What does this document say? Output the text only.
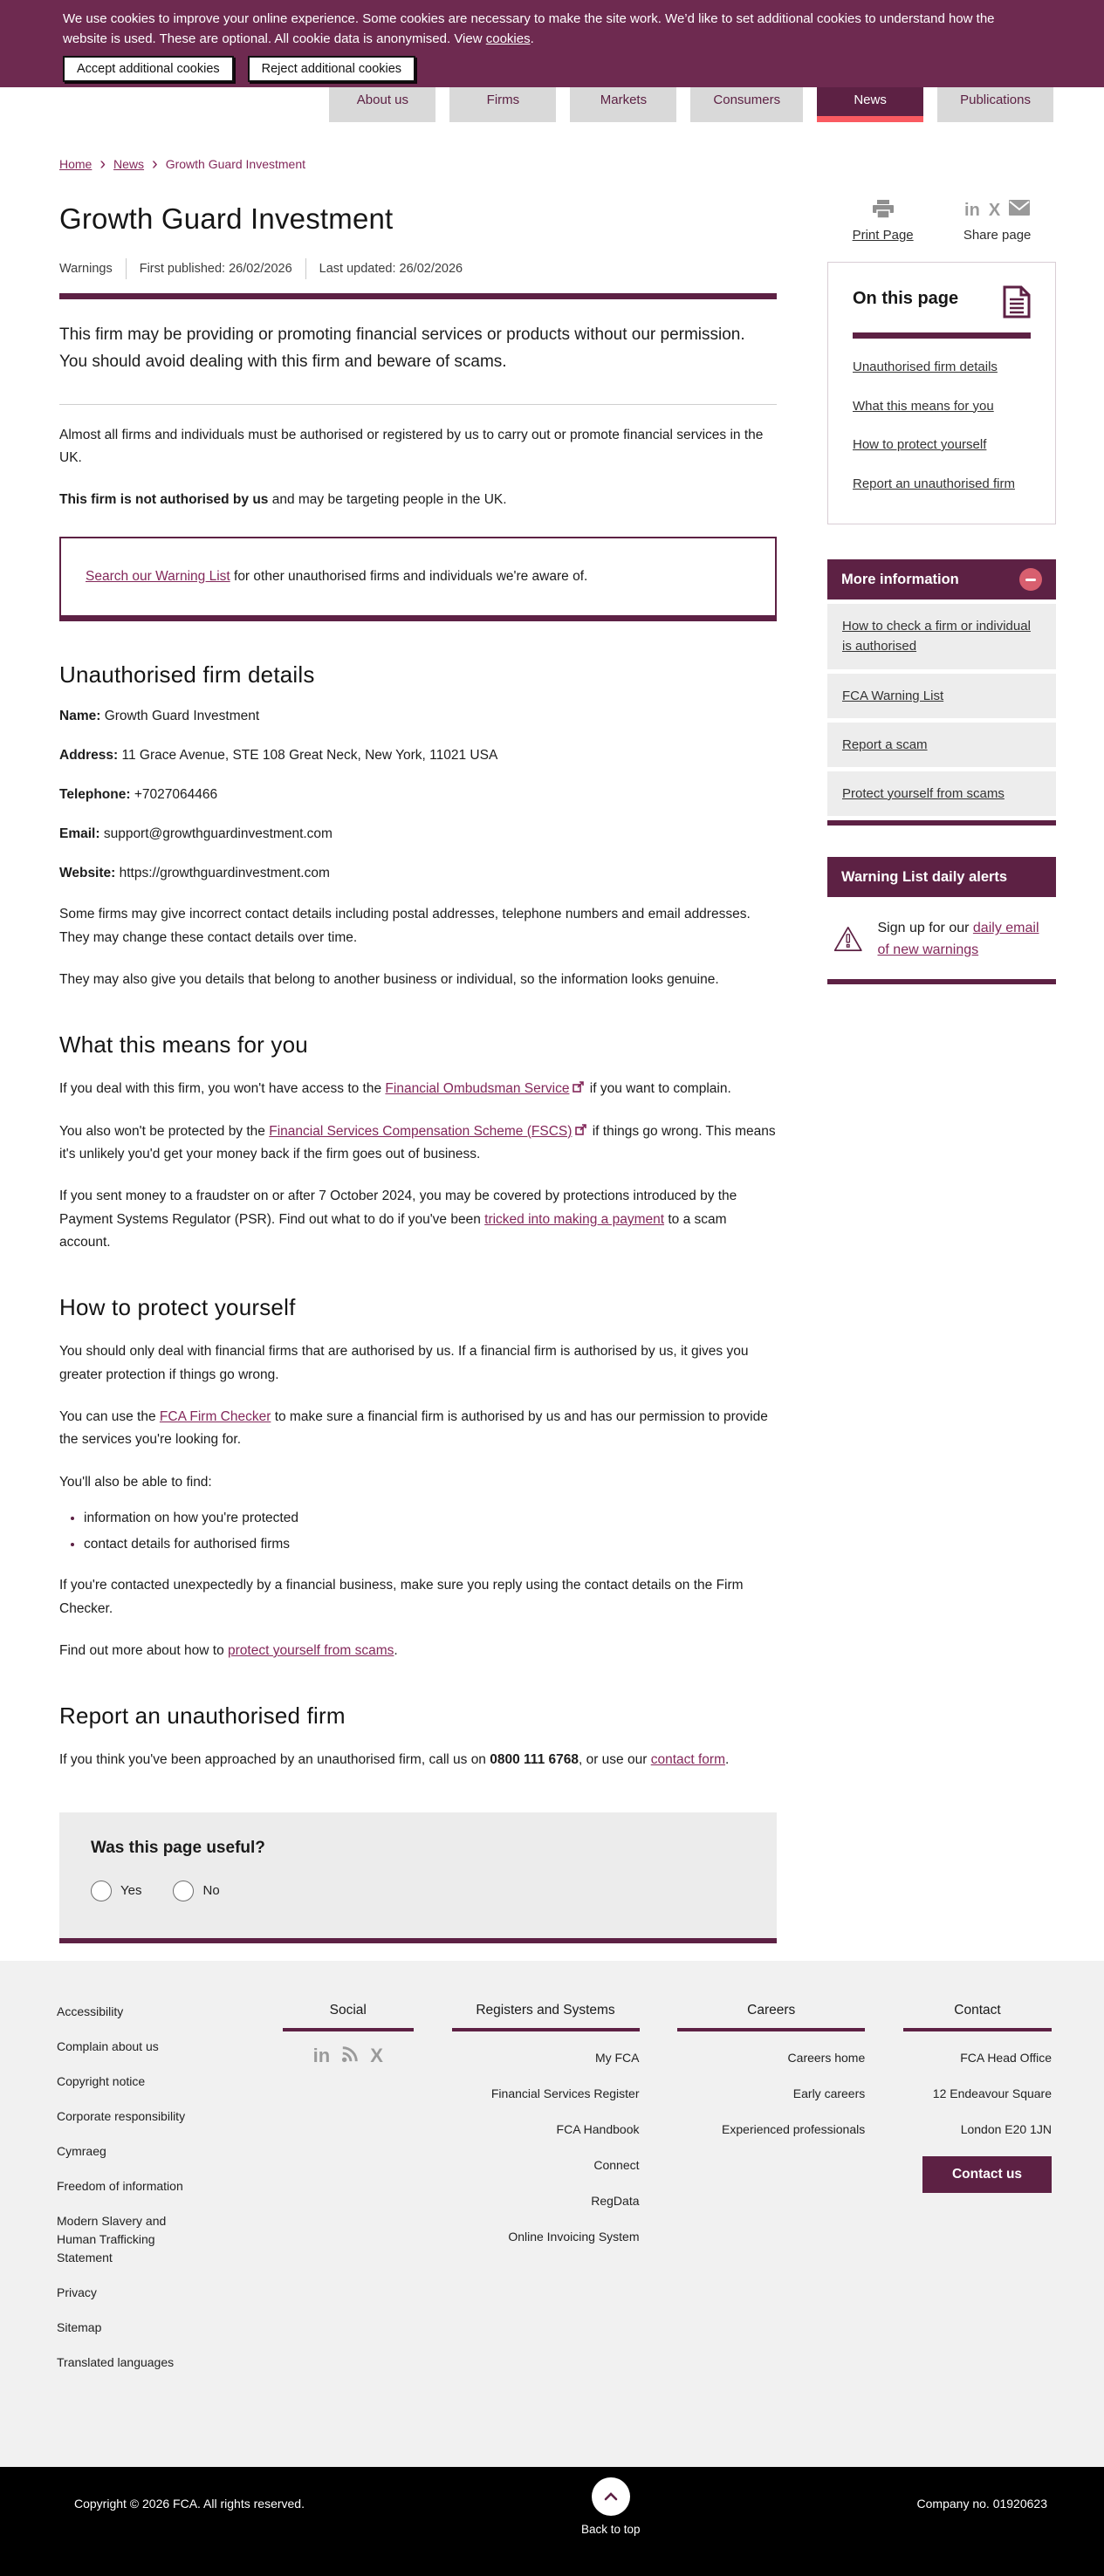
About us	Firms	Markets	Consumers	News	Publications

We use cookies to improve your online experience. Some cookies are necessary to make the site work. We’d like to set additional cookies to understand how the website is used. These are optional. All cookie data is anonymised. View cookies.

Accept additional cookies	Reject additional cookies
Home › News › Growth Guard Investment
Growth Guard Investment
Warnings First published: 26/02/2026 Last updated: 26/02/2026

This firm may be providing or promoting financial services or products without our permission. You should avoid dealing with this firm and beware of scams.

Almost all firms and individuals must be authorised or registered by us to carry out or promote financial services in the UK.

This firm is not authorised by us and may be targeting people in the UK.

Search our Warning List for other unauthorised firms and individuals we're aware of.
Unauthorised firm details

Name: Growth Guard Investment

Address: 11 Grace Avenue, STE 108 Great Neck, New York, 11021 USA

Telephone: +7027064466

Email: support@growthguardinvestment.com

Website: https://growthguardinvestment.com

Some firms may give incorrect contact details including postal addresses, telephone numbers and email addresses. They may change these contact details over time.

They may also give you details that belong to another business or individual, so the information looks genuine.

What this means for you

If you deal with this firm, you won't have access to the Financial Ombudsman Service if you want to complain.

You also won't be protected by the Financial Services Compensation Scheme (FSCS) if things go wrong. This means it's unlikely you'd get your money back if the firm goes out of business.

If you sent money to a fraudster on or after 7 October 2024, you may be covered by protections introduced by the Payment Systems Regulator (PSR). Find out what to do if you've been tricked into making a payment to a scam account.

How to protect yourself

You should only deal with financial firms that are authorised by us. If a financial firm is authorised by us, it gives you greater protection if things go wrong.

You can use the FCA Firm Checker to make sure a financial firm is authorised by us and has our permission to provide the services you're looking for.

You'll also be able to find:

• information on how you're protected
• contact details for authorised firms

If you're contacted unexpectedly by a financial business, make sure you reply using the contact details on the Firm Checker.

Find out more about how to protect yourself from scams.

Report an unauthorised firm

If you think you've been approached by an unauthorised firm, call us on 0800 111 6768, or use our contact form.

Was this page useful?
Yes	No
Print Page
in X
Share page
On this page
Unauthorised firm details
What this means for you
How to protect yourself
Report an unauthorised firm
More information
How to check a firm or individual is authorised
FCA Warning List
Report a scam
Protect yourself from scams
Warning List daily alerts

Sign up for our daily email of new warnings

Accessibility
Complain about us
Copyright notice
Corporate responsibility
Cymraeg
Freedom of information
Modern Slavery and Human Trafficking Statement
Privacy
Sitemap
Translated languages
Social
in X
Registers and Systems
My FCA
Financial Services Register
FCA Handbook
Connect
RegData
Online Invoicing System
Careers
Careers home
Early careers
Experienced professionals
Contact
FCA Head Office
12 Endeavour Square
London E20 1JN
Contact us

Copyright © 2026 FCA. All rights reserved.

Back to top

Company no. 01920623
